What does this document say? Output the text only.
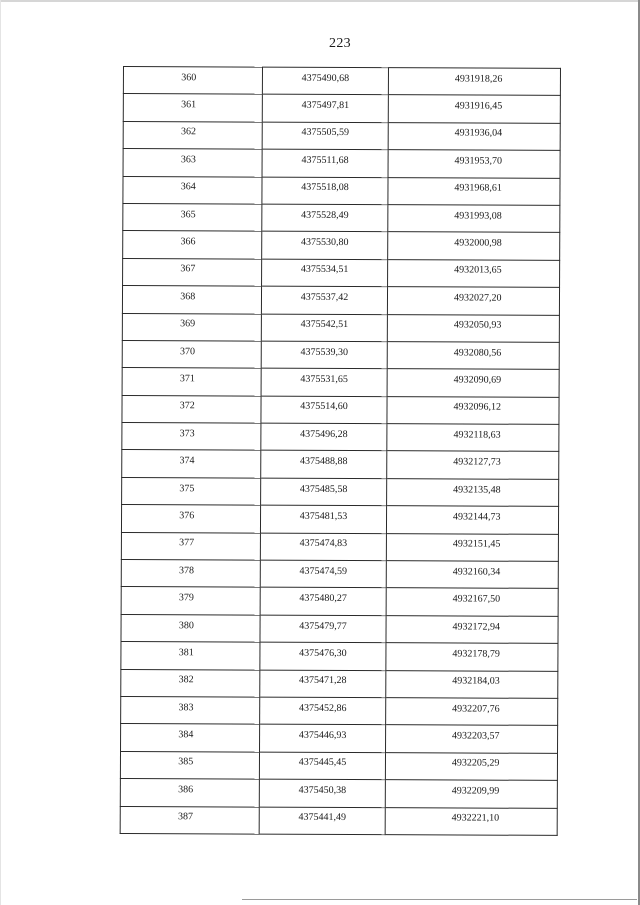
223
360	4375490,68	4931918,26
361	4375497,81	4931916,45
362	4375505,59	4931936,04
363	4375511,68	4931953,70
364	4375518,08	4931968,61
365	4375528,49	4931993,08
366	4375530,80	4932000,98
367	4375534,51	4932013,65
368	4375537,42	4932027,20
369	4375542,51	4932050,93
370	4375539,30	4932080,56
371	4375531,65	4932090,69
372	4375514,60	4932096,12
373	4375496,28	4932118,63
374	4375488,88	4932127,73
375	4375485,58	4932135,48
376	4375481,53	4932144,73
377	4375474,83	4932151,45
378	4375474,59	4932160,34
379	4375480,27	4932167,50
380	4375479,77	4932172,94
381	4375476,30	4932178,79
382	4375471,28	4932184,03
383	4375452,86	4932207,76
384	4375446,93	4932203,57
385	4375445,45	4932205,29
386	4375450,38	4932209,99
387	4375441,49	4932221,10
